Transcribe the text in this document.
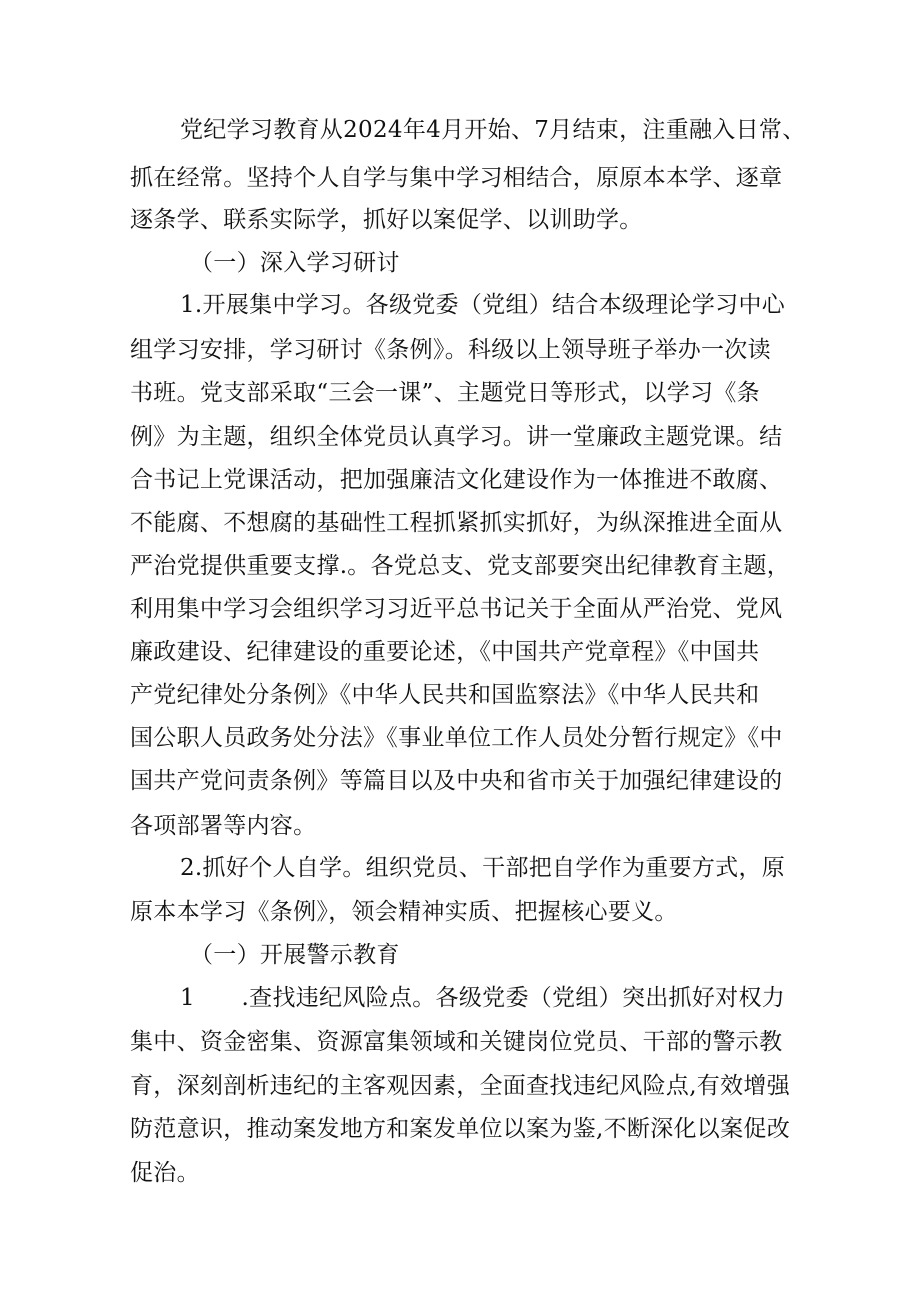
党纪学习教育从2024年4月开始、7月结束，注重融入日常、
抓在经常。坚持个人自学与集中学习相结合，原原本本学、逐章
逐条学、联系实际学，抓好以案促学、以训助学。
（一）深入学习研讨
1.开展集中学习。各级党委（党组）结合本级理论学习中心
组学习安排，学习研讨《条例》。科级以上领导班子举办一次读
书班。党支部采取“三会一课”、主题党日等形式，以学习《条
例》为主题，组织全体党员认真学习。讲一堂廉政主题党课。结
合书记上党课活动，把加强廉洁文化建设作为一体推进不敢腐、
不能腐、不想腐的基础性工程抓紧抓实抓好，为纵深推进全面从
严治党提供重要支撑.。各党总支、党支部要突出纪律教育主题，
利用集中学习会组织学习习近平总书记关于全面从严治党、党风
廉政建设、纪律建设的重要论述，《中国共产党章程》《中国共
产党纪律处分条例》《中华人民共和国监察法》《中华人民共和
国公职人员政务处分法》《事业单位工作人员处分暂行规定》《中
国共产党问责条例》等篇目以及中央和省市关于加强纪律建设的
各项部署等内容。
2.抓好个人自学。组织党员、干部把自学作为重要方式，原
原本本学习《条例》，领会精神实质、把握核心要义。
（一）开展警示教育
1　　.查找违纪风险点。各级党委（党组）突出抓好对权力
集中、资金密集、资源富集领域和关键岗位党员、干部的警示教
育，深刻剖析违纪的主客观因素，全面查找违纪风险点,有效增强
防范意识，推动案发地方和案发单位以案为鉴,不断深化以案促改
促治。
